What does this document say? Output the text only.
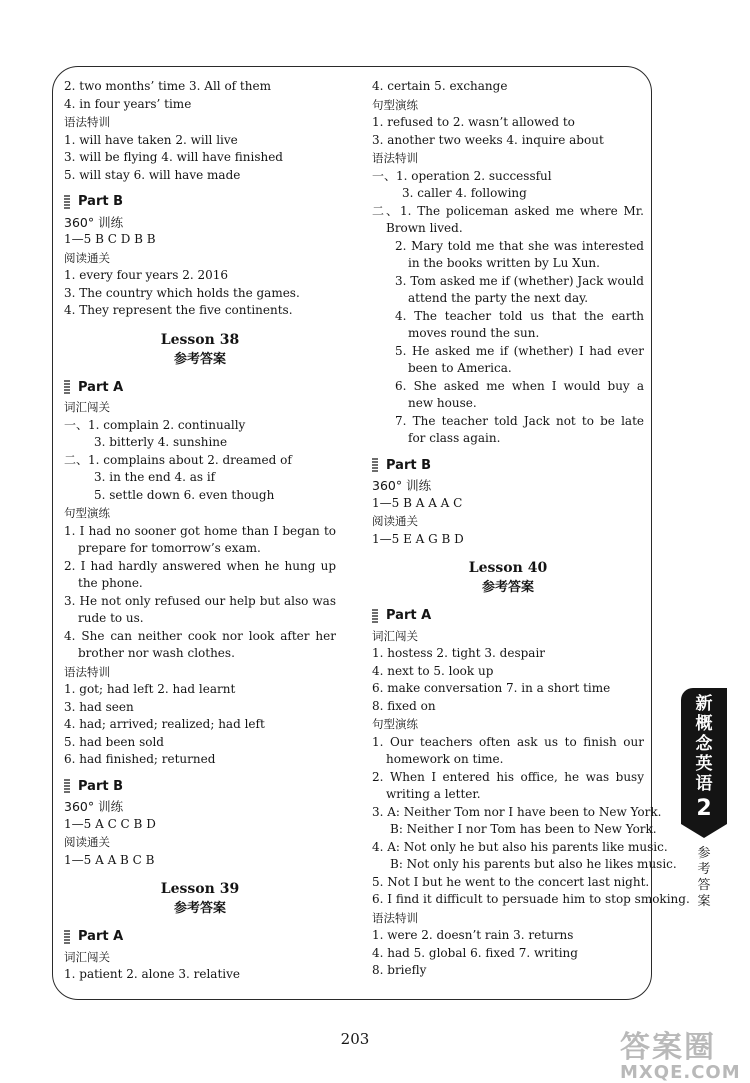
2. two months’ time 3. All of them
4. in four years’ time
语法特训
1. will have taken 2. will live
3. will be flying 4. will have finished
5. will stay 6. will have made
Part B
360° 训练
1—5 B C D B B
阅读通关
1. every four years 2. 2016
3. The country which holds the games.
4. They represent the five continents.
Lesson 38
参考答案
Part A
词汇闯关
一、1. complain 2. continually
3. bitterly 4. sunshine
二、1. complains about 2. dreamed of
3. in the end 4. as if
5. settle down 6. even though
句型演练
1. I had no sooner got home than I began to prepare for tomorrow’s exam.
2. I had hardly answered when he hung up the phone.
3. He not only refused our help but also was rude to us.
4. She can neither cook nor look after her brother nor wash clothes.
语法特训
1. got; had left 2. had learnt
3. had seen
4. had; arrived; realized; had left
5. had been sold
6. had finished; returned
Part B
360° 训练
1—5 A C C B D
阅读通关
1—5 A A B C B
Lesson 39
参考答案
Part A
词汇闯关
1. patient 2. alone 3. relative
4. certain 5. exchange
句型演练
1. refused to 2. wasn’t allowed to
3. another two weeks 4. inquire about
语法特训
一、1. operation 2. successful
3. caller 4. following
二、1. The policeman asked me where Mr. Brown lived.
2. Mary told me that she was interested in the books written by Lu Xun.
3. Tom asked me if (whether) Jack would attend the party the next day.
4. The teacher told us that the earth moves round the sun.
5. He asked me if (whether) I had ever been to America.
6. She asked me when I would buy a new house.
7. The teacher told Jack not to be late for class again.
Part B
360° 训练
1—5 B A A A C
阅读通关
1—5 E A G B D
Lesson 40
参考答案
Part A
词汇闯关
1. hostess 2. tight 3. despair
4. next to 5. look up
6. make conversation 7. in a short time
8. fixed on
句型演练
1. Our teachers often ask us to finish our homework on time.
2. When I entered his office, he was busy writing a letter.
3. A: Neither Tom nor I have been to New York.
B: Neither I nor Tom has been to New York.
4. A: Not only he but also his parents like music.
B: Not only his parents but also he likes music.
5. Not I but he went to the concert last night.
6. I find it difficult to persuade him to stop smoking.
语法特训
1. were 2. doesn’t rain 3. returns
4. had 5. global 6. fixed 7. writing
8. briefly
新
概
念
英
语
2
参
考
答
案
203	答案圈
MXQE.COM
